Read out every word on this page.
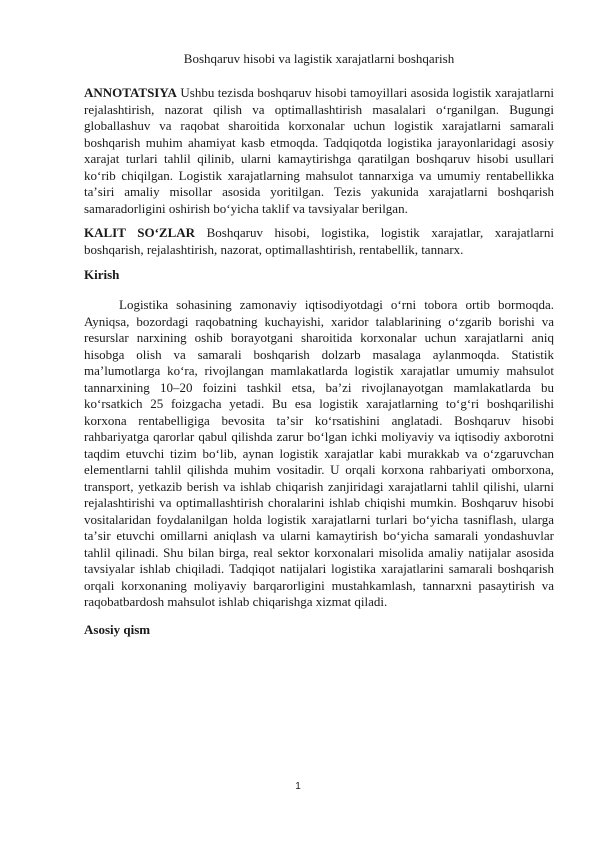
Boshqaruv hisobi va lagistik xarajatlarni boshqarish

ANNOTATSIYA Ushbu tezisda boshqaruv hisobi tamoyillari asosida logistik xarajatlarni rejalashtirish, nazorat qilish va optimallashtirish masalalari oʻrganilgan. Bugungi globallashuv va raqobat sharoitida korxonalar uchun logistik xarajatlarni samarali boshqarish muhim ahamiyat kasb etmoqda. Tadqiqotda logistika jarayonlaridagi asosiy xarajat turlari tahlil qilinib, ularni kamaytirishga qaratilgan boshqaruv hisobi usullari koʻrib chiqilgan. Logistik xarajatlarning mahsulot tannarxiga va umumiy rentabellikka taʼsiri amaliy misollar asosida yoritilgan. Tezis yakunida xarajatlarni boshqarish samaradorligini oshirish boʻyicha taklif va tavsiyalar berilgan.

KALIT SOʻZLAR Boshqaruv hisobi, logistika, logistik xarajatlar, xarajatlarni boshqarish, rejalashtirish, nazorat, optimallashtirish, rentabellik, tannarx.

Kirish

Logistika sohasining zamonaviy iqtisodiyotdagi oʻrni tobora ortib bormoqda. Ayniqsa, bozordagi raqobatning kuchayishi, xaridor talablarining oʻzgarib borishi va resurslar narxining oshib borayotgani sharoitida korxonalar uchun xarajatlarni aniq hisobga olish va samarali boshqarish dolzarb masalaga aylanmoqda. Statistik maʼlumotlarga koʻra, rivojlangan mamlakatlarda logistik xarajatlar umumiy mahsulot tannarxining 10–20 foizini tashkil etsa, baʼzi rivojlanayotgan mamlakatlarda bu koʻrsatkich 25 foizgacha yetadi. Bu esa logistik xarajatlarning toʻgʻri boshqarilishi korxona rentabelligiga bevosita taʼsir koʻrsatishini anglatadi. Boshqaruv hisobi rahbariyatga qarorlar qabul qilishda zarur boʻlgan ichki moliyaviy va iqtisodiy axborotni taqdim etuvchi tizim boʻlib, aynan logistik xarajatlar kabi murakkab va oʻzgaruvchan elementlarni tahlil qilishda muhim vositadir. U orqali korxona rahbariyati omborxona, transport, yetkazib berish va ishlab chiqarish zanjiridagi xarajatlarni tahlil qilishi, ularni rejalashtirishi va optimallashtirish choralarini ishlab chiqishi mumkin. Boshqaruv hisobi vositalaridan foydalanilgan holda logistik xarajatlarni turlari boʻyicha tasniflash, ularga taʼsir etuvchi omillarni aniqlash va ularni kamaytirish boʻyicha samarali yondashuvlar tahlil qilinadi. Shu bilan birga, real sektor korxonalari misolida amaliy natijalar asosida tavsiyalar ishlab chiqiladi. Tadqiqot natijalari logistika xarajatlarini samarali boshqarish orqali korxonaning moliyaviy barqarorligini mustahkamlash, tannarxni pasaytirish va raqobatbardosh mahsulot ishlab chiqarishga xizmat qiladi.

Asosiy qism
1
